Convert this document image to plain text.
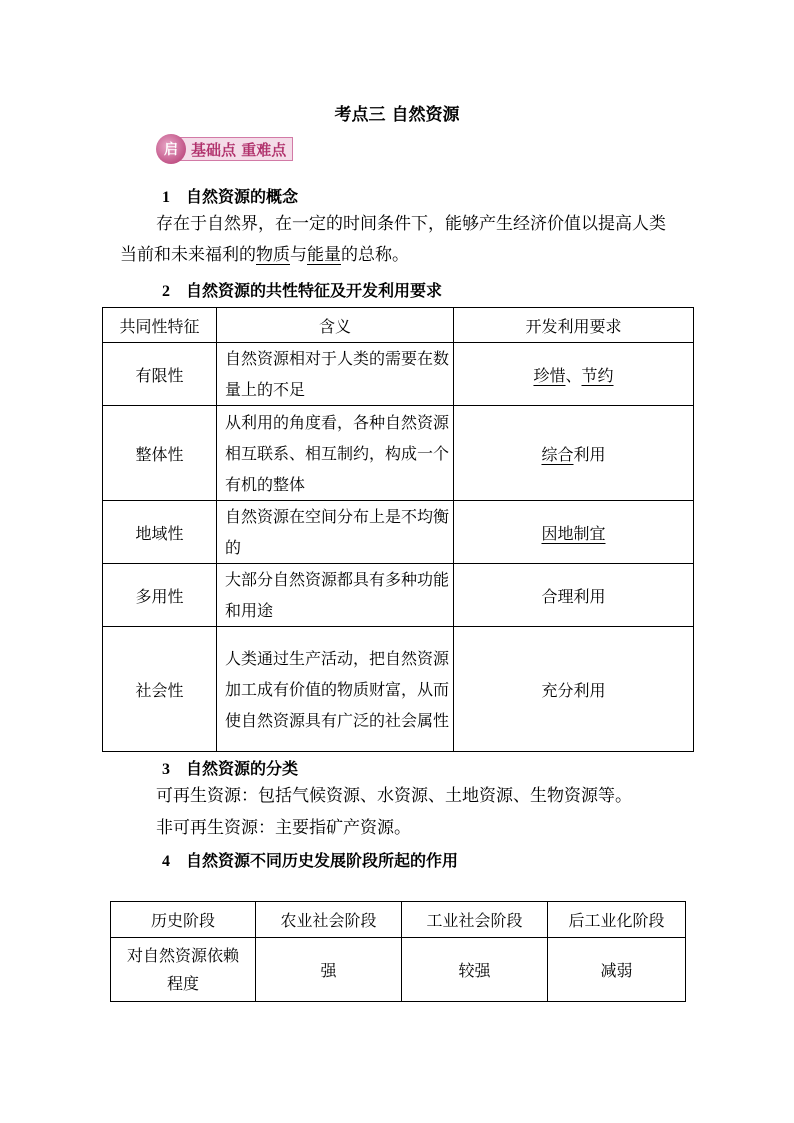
考点三 自然资源
启 基础点 重难点
1 自然资源的概念
存在于自然界，在一定的时间条件下，能够产生经济价值以提高人类当前和未来福利的物质与能量的总称。
2 自然资源的共性特征及开发利用要求
共同性特征	含义	开发利用要求
有限性	自然资源相对于人类的需要在数量上的不足	珍惜、节约
整体性	从利用的角度看，各种自然资源相互联系、相互制约，构成一个有机的整体	综合利用
地域性	自然资源在空间分布上是不均衡的	因地制宜
多用性	大部分自然资源都具有多种功能和用途	合理利用
社会性	人类通过生产活动，把自然资源加工成有价值的物质财富，从而使自然资源具有广泛的社会属性	充分利用
3 自然资源的分类
可再生资源：包括气候资源、水资源、土地资源、生物资源等。
非可再生资源：主要指矿产资源。
4 自然资源不同历史发展阶段所起的作用
历史阶段	农业社会阶段	工业社会阶段	后工业化阶段
对自然资源依赖程度	强	较强	减弱
